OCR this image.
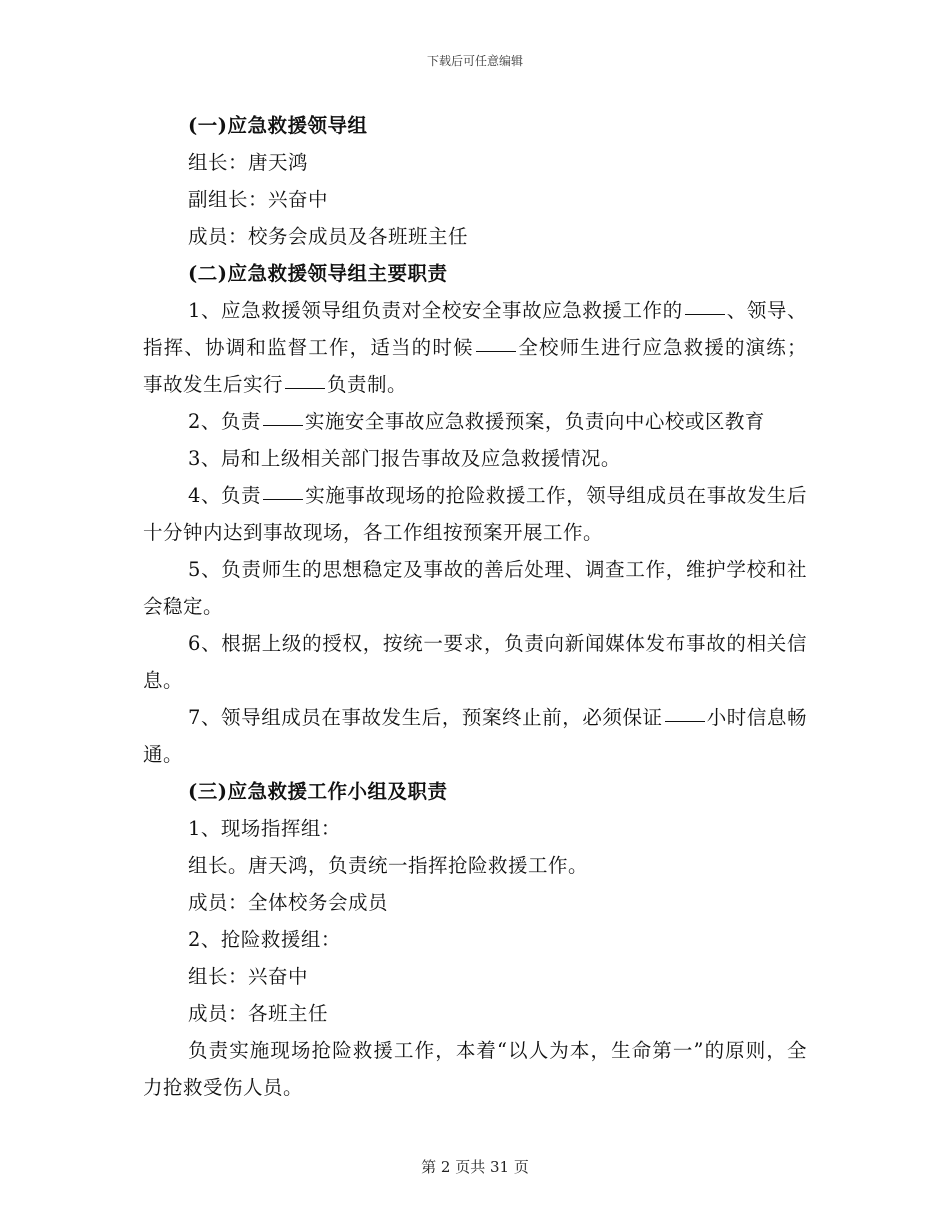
下载后可任意编辑

(一)应急救援领导组

组长：唐天鸿

副组长：兴奋中

成员：校务会成员及各班班主任

(二)应急救援领导组主要职责

1、应急救援领导组负责对全校安全事故应急救援工作的 、领导、指挥、协调和监督工作，适当的时候 全校师生进行应急救援的演练；事故发生后实行 负责制。

2、负责 实施安全事故应急救援预案，负责向中心校或区教育

3、局和上级相关部门报告事故及应急救援情况。

4、负责 实施事故现场的抢险救援工作，领导组成员在事故发生后十分钟内达到事故现场，各工作组按预案开展工作。

5、负责师生的思想稳定及事故的善后处理、调查工作，维护学校和社会稳定。

6、根据上级的授权，按统一要求，负责向新闻媒体发布事故的相关信息。

7、领导组成员在事故发生后，预案终止前，必须保证 小时信息畅通。

(三)应急救援工作小组及职责

1、现场指挥组：

组长。唐天鸿，负责统一指挥抢险救援工作。

成员：全体校务会成员

2、抢险救援组：

组长：兴奋中

成员：各班主任

负责实施现场抢险救援工作，本着“以人为本，生命第一”的原则，全力抢救受伤人员。

第 2 页共 31 页
